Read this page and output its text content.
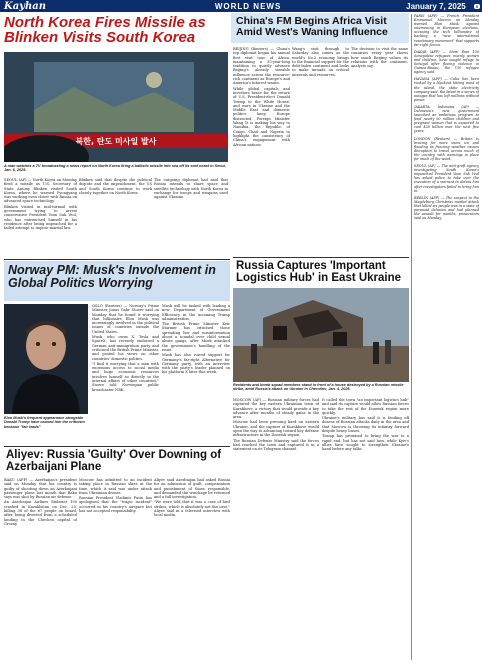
Kayhan	WORLD NEWS	January 7, 2025	5
North Korea Fires Missile as Blinken Visits South Korea
북한, 탄도 미사일 발사
A man watches a TV broadcasting a news report on North Korea firing a ballistic missile into sea off its east coast in Seoul, Jan. 6, 2025.

SEOUL (AP) — North Korea on Monday fired a missile as U.S. Secretary of State Antony Blinken visited South Korea, where he warned Pyongyang was working even closer with Russia on advanced space technology.

Blinken visited in mid-turmoil with government trying to arrest conservative President Yoon Suk Yeol, who has entrenched himself in his residence after being impeached for a failed attempt to impose martial law.

Blinken said that despite the political dispute and the impeachment, the US and South Korea continue to work closely together on North Korea.

The outgoing diplomat had said that Russia intends to share space and satellite technology with North Korea in exchange for troops and weapons used against Ukraine.

China's FM Begins Africa Visit Amid West's Waning Influence

BEIJING (Reuters) — China's top diplomat began his annual first visit tour of Africa, maintaining a 35-year-long tradition to quietly advance Beijing's already sizeable influence across the resource-rich continent as Europe's and America's interest wanes.

While global capitals and investors brace for the return of U.S. President-elect Donald Trump to the White House, and wars in Ukraine and the Middle East and domestic politics keep Europe distracted, Foreign Minister Wang Yi is making his way to Namibia, the Republic of Congo, Chad and Nigeria to highlight the consistency of China's engagement with African nations.

Wang's visit through to Saturday also comes as the world's No.2 economy brings to the financial support for the debt-laden continent and looks to make inroads on critical minerals and resources.

The decision to visit the same countries every year shows how much Beijing values its relations with the continent, analysts say.

PARIS (AFP) — French President Emmanuel Macron on Monday warned Elon Musk against intervening in European elections, accusing the tech billionaire of backing a "new international reactionary movement" that supports far-right forces.

DAKAR (AFP) — More than 100 Senegalese refugees, mainly women and children, have sought refuge in Senegal after fleeing violence in Guinea-Bissau, the UN refugee agency said.

HAVANA (AFP) — Cuba has been rocked by a blackout hitting most of the island, the state electricity company said, the latest in a series of outages that has left millions without power.

JAKARTA, Indonesia (AP) — Indonesia's new government launched an ambitious program to feed nearly 90 million children and pregnant women that is expected to cost $28 billion over the next five years.

LONDON (Reuters) — Britain is bracing for more snow, ice and flooding as freezing weather causes disruption to travel across much of the country, with warnings in place for much of the week.

SEOUL (AP) — The anti-graft agency investigating South Korea's impeached President Yoon Suk Yeol has asked police to take over the execution of a warrant to detain him after investigators failed to bring him in.

BERLIN (AFP) — The suspect in the Magdeburg Christmas market attack that killed six people was in a state of paranoid delusion and had planned the assault for months, prosecutors said on Monday.

Norway PM: Musk's Involvement in Global Politics Worrying
Elon Musk's frequent appearance alongside Donald Trump have caused him the criticism because "fair leads"

OSLO (Reuters) — Norway's Prime Minister Jonas Gahr Stoere said on Monday that he found it worrying that billionaire Elon Musk was increasingly involved in the political issues of countries outside the United States.

Musk, who owns X, Tesla and SpaceX, has recently endorsed a German anti-immigration party and criticised the British Prime Minister, and posted his views on other countries' domestic politics.

"I find it worrying that a man with enormous access to social media and huge economic resources involves himself so directly in the internal affairs of other countries," Stoere told Norwegian public broadcaster NRK.

Musk will be tasked with leading a new Department of Government Efficiency in the incoming Trump administration.

The British Prime Minister Keir Starmer has criticised those spreading lies and misinformation about a scandal over child sexual abuse gangs, after Musk attacked the government's handling of the issue.

Musk has also voiced support for Germany's far-right Alternative for Germany party, with an interview with the party's leader planned on his platform X later this week.

Russia Captures 'Important Logistics Hub' in East Ukraine
Residents and bomb squad members stand in front of a house destroyed by a Russian missile strike, amid Russia's attack on Ukraine in Chernihiv, Jan. 4, 2025.

MOSCOW (AP) — Russian military forces had captured the key eastern Ukrainian town of Kurakhove, a victory that would provide a key advance after months of steady gains in the area.

Moscow had been pressing hard on eastern Ukraine, and the capture of Kurakhove would open the way to advancing toward key defense infrastructure in the Donetsk region.

The Russian Defense Ministry said the forces had reached the town and captured it in a statement on its Telegram channel.

It called the town "an important logistics hub" and said its capture would allow Russian forces to take the rest of the Donetsk region more quickly.

Ukraine's military has said it is fending off dozens of Russian attacks daily in the area and that Moscow is throwing its infantry forward despite heavy losses.

Trump has promised to bring the war to a rapid end, but has not said how, while Kyiv's allies have sought to strengthen Ukraine's hand before any talks.

Aliyev: Russia 'Guilty' Over Downing of Azerbaijani Plane

BAKU (AFP) — Azerbaijan's president said on Monday that his country is guilty of shooting down an Azerbaijani passenger plane last month that Baku says was shot by Russian air defense.

An Azerbaijan Airlines Embraer 190 crashed in Kazakhstan on Dec. 25, killing 38 of the 67 people on board, after being diverted from a scheduled landing in the Chechen capital of Grozny.

Moscow has admitted to an incident taking place in Russian skies at the time, which it said was under attack from Ukrainian drones.

Russian President Vladimir Putin has apologised that the "tragic incident" occurred in his country's airspace but has not accepted responsibility.

Aliyev said Azerbaijan had asked Russia for an admission of guilt, compensation and punishment of those responsible, and demanded the wreckage be returned and a full investigation.

"We were told that it was a case of bird strikes, which is absolutely not the case," Aliyev said in a televised interview with local media.
